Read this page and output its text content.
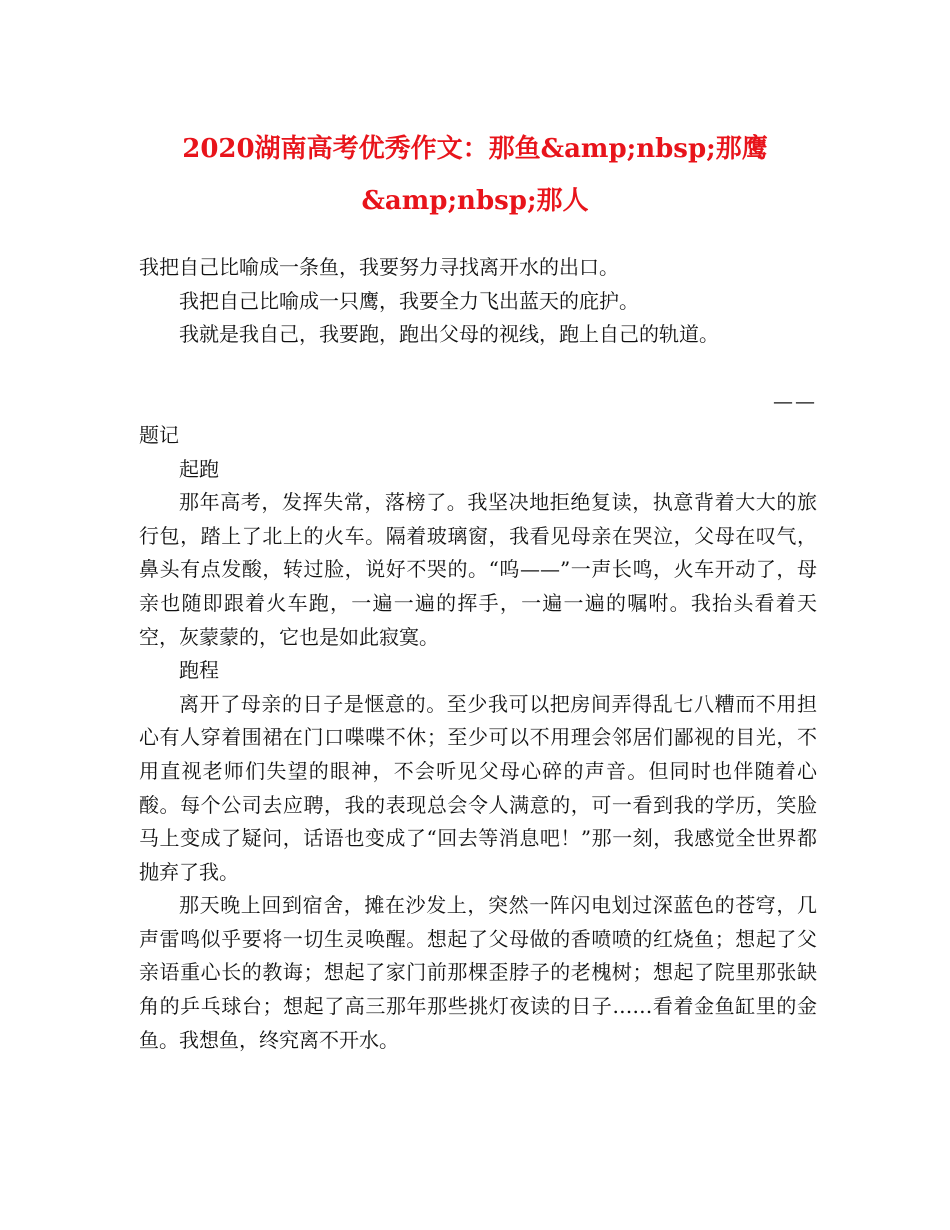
2020湖南高考优秀作文：那鱼&amp;nbsp;那鹰
&amp;nbsp;那人

我把自己比喻成一条鱼，我要努力寻找离开水的出口。

我把自己比喻成一只鹰，我要全力飞出蓝天的庇护。

我就是我自己，我要跑，跑出父母的视线，跑上自己的轨道。

——

题记

起跑

那年高考，发挥失常，落榜了。我坚决地拒绝复读，执意背着大大的旅行包，踏上了北上的火车。隔着玻璃窗，我看见母亲在哭泣，父母在叹气，鼻头有点发酸，转过脸，说好不哭的。“呜——”一声长鸣，火车开动了，母亲也随即跟着火车跑，一遍一遍的挥手，一遍一遍的嘱咐。我抬头看着天空，灰蒙蒙的，它也是如此寂寞。

跑程

离开了母亲的日子是惬意的。至少我可以把房间弄得乱七八糟而不用担心有人穿着围裙在门口喋喋不休；至少可以不用理会邻居们鄙视的目光，不用直视老师们失望的眼神，不会听见父母心碎的声音。但同时也伴随着心酸。每个公司去应聘，我的表现总会令人满意的，可一看到我的学历，笑脸马上变成了疑问，话语也变成了“回去等消息吧！”那一刻，我感觉全世界都抛弃了我。

那天晚上回到宿舍，摊在沙发上，突然一阵闪电划过深蓝色的苍穹，几声雷鸣似乎要将一切生灵唤醒。想起了父母做的香喷喷的红烧鱼；想起了父亲语重心长的教诲；想起了家门前那棵歪脖子的老槐树；想起了院里那张缺角的乒乓球台；想起了高三那年那些挑灯夜读的日子……看着金鱼缸里的金鱼。我想鱼，终究离不开水。
